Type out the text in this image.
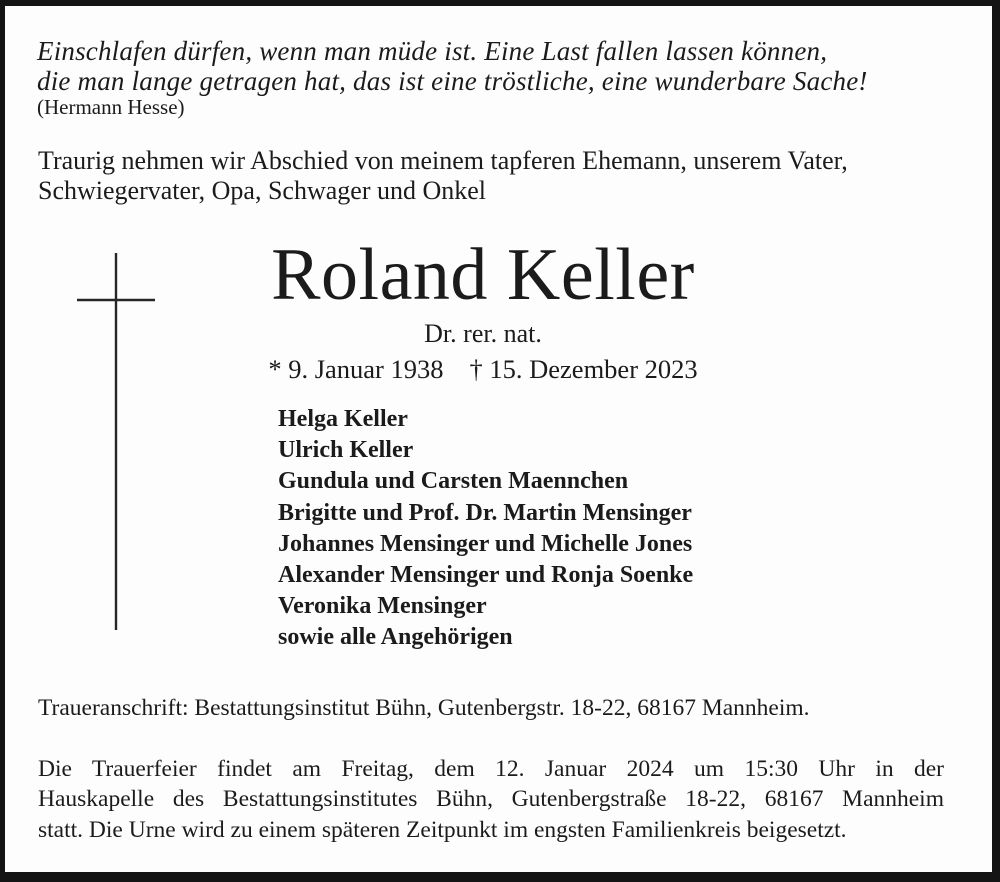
Einschlafen dürfen, wenn man müde ist. Eine Last fallen lassen können,
die man lange getragen hat, das ist eine tröstliche, eine wunderbare Sache!
(Hermann Hesse)
Traurig nehmen wir Abschied von meinem tapferen Ehemann, unserem Vater,
Schwiegervater, Opa, Schwager und Onkel
Roland Keller
Dr. rer. nat.
* 9. Januar 1938 † 15. Dezember 2023
Helga Keller
Ulrich Keller
Gundula und Carsten Maennchen
Brigitte und Prof. Dr. Martin Mensinger
Johannes Mensinger und Michelle Jones
Alexander Mensinger und Ronja Soenke
Veronika Mensinger
sowie alle Angehörigen
Traueranschrift: Bestattungsinstitut Bühn, Gutenbergstr. 18-22, 68167 Mannheim.
Die Trauerfeier findet am Freitag, dem 12. Januar 2024 um 15:30 Uhr in der
Hauskapelle des Bestattungsinstitutes Bühn, Gutenbergstraße 18-22, 68167 Mannheim
statt. Die Urne wird zu einem späteren Zeitpunkt im engsten Familienkreis beigesetzt.
